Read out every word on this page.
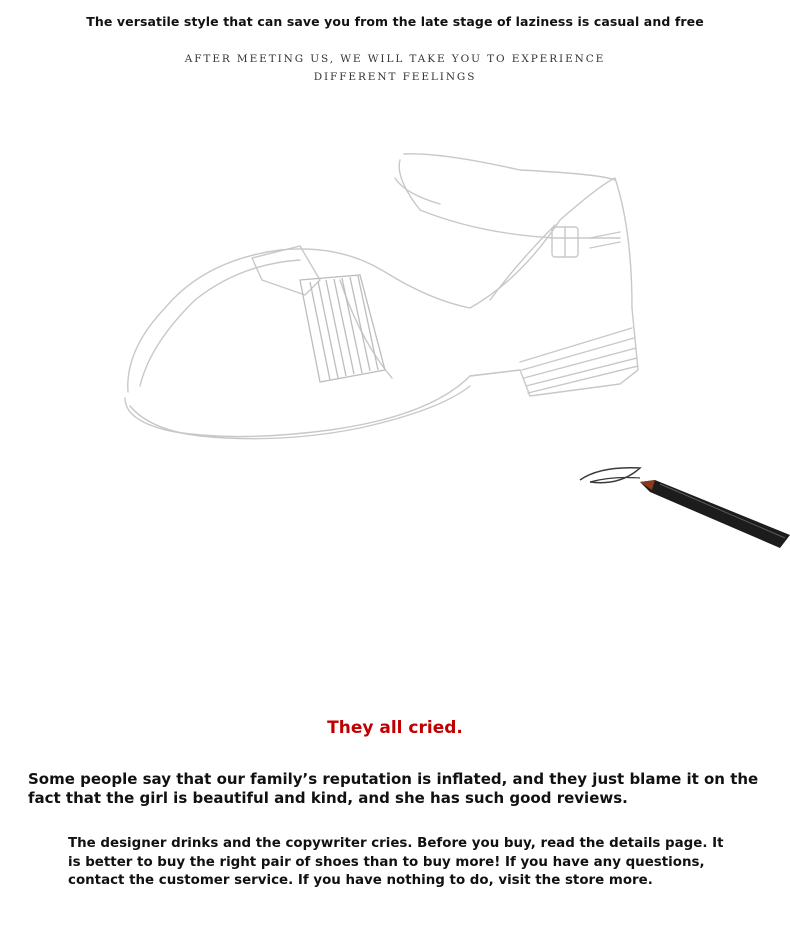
The versatile style that can save you from the late stage of laziness is casual and free
AFTER MEETING US, WE WILL TAKE YOU TO EXPERIENCE
DIFFERENT FEELINGS
They all cried.
Some people say that our family’s reputation is inflated, and they just blame it on the fact that the girl is beautiful and kind, and she has such good reviews.
The designer drinks and the copywriter cries. Before you buy, read the details page. It is better to buy the right pair of shoes than to buy more! If you have any questions, contact the customer service. If you have nothing to do, visit the store more.
